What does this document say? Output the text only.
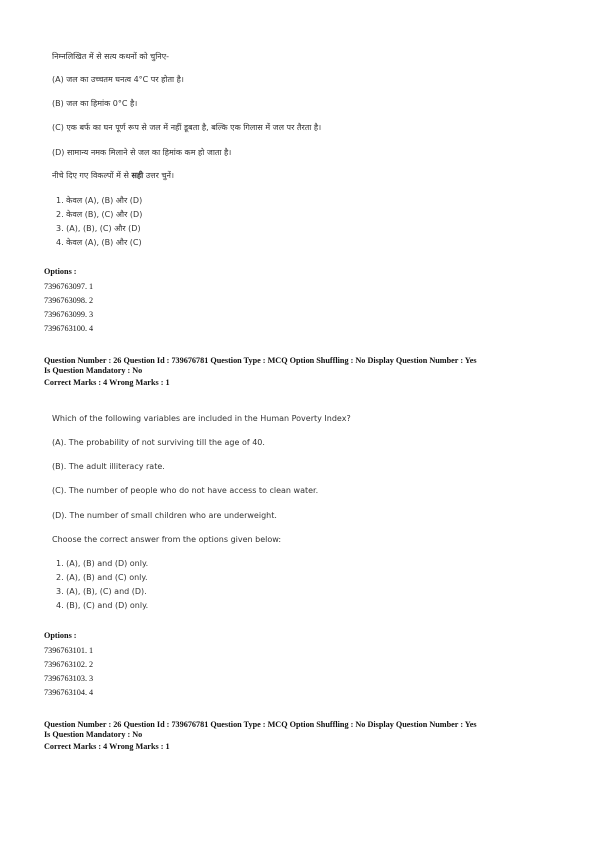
निम्नलिखित में से सत्य कथनों को चुनिए-
(A) जल का उच्चतम घनत्व 4°C पर होता है।
(B) जल का हिमांक 0°C है।
(C) एक बर्फ का घन पूर्ण रूप से जल में नहीं डूबता है, बल्कि एक गिलास में जल पर तैरता है।
(D) सामान्य नमक मिलाने से जल का हिमांक कम हो जाता है।
नीचे दिए गए विकल्पों में से सही उत्तर चुनें।
1. केवल (A), (B) और (D)
2. केवल (B), (C) और (D)
3. (A), (B), (C) और (D)
4. केवल (A), (B) और (C)
Options :
7396763097. 1
7396763098. 2
7396763099. 3
7396763100. 4
Question Number : 26 Question Id : 739676781 Question Type : MCQ Option Shuffling : No Display Question Number : Yes
Is Question Mandatory : No
Correct Marks : 4 Wrong Marks : 1
Which of the following variables are included in the Human Poverty Index?
(A). The probability of not surviving till the age of 40.
(B). The adult illiteracy rate.
(C). The number of people who do not have access to clean water.
(D). The number of small children who are underweight.
Choose the correct answer from the options given below:
1. (A), (B) and (D) only.
2. (A), (B) and (C) only.
3. (A), (B), (C) and (D).
4. (B), (C) and (D) only.
Options :
7396763101. 1
7396763102. 2
7396763103. 3
7396763104. 4
Question Number : 26 Question Id : 739676781 Question Type : MCQ Option Shuffling : No Display Question Number : Yes
Is Question Mandatory : No
Correct Marks : 4 Wrong Marks : 1
